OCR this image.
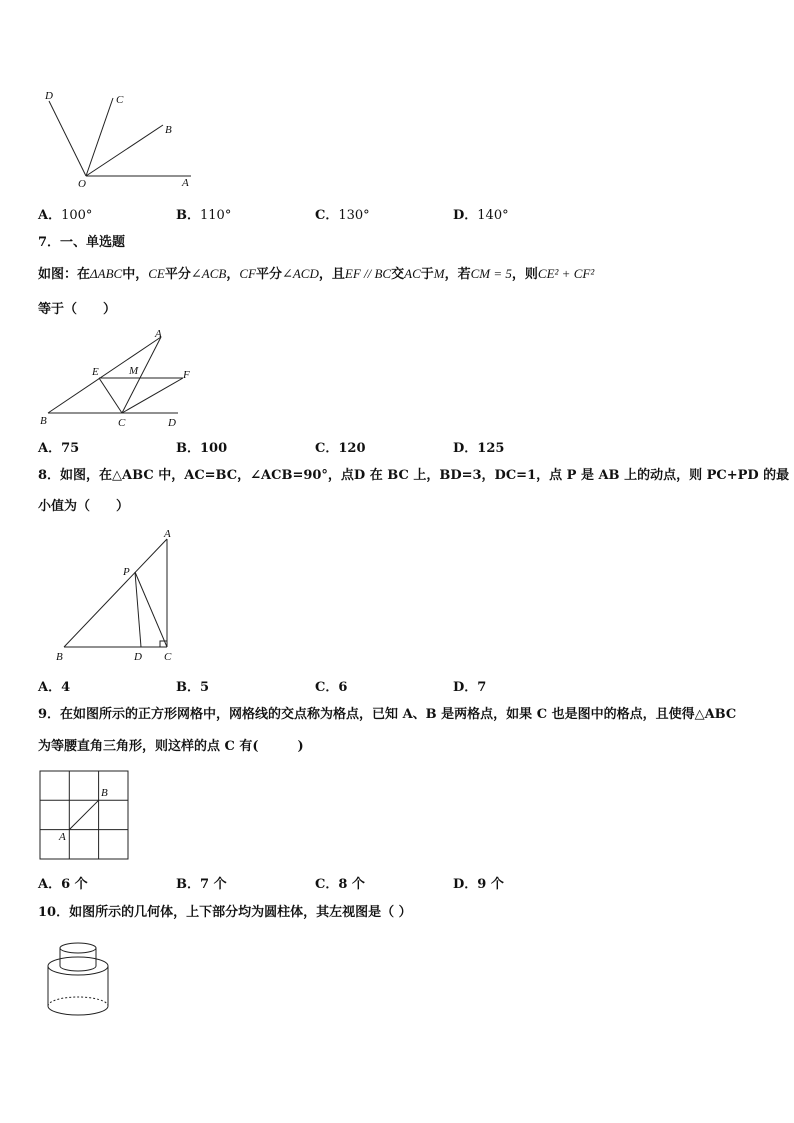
D	C
B
O	A
A．100°	B．110°	C．130°	D．140°
7．一、单选题
如图：在ΔABC中，CE平分∠ACB，CF平分∠ACD，且EF // BC交AC于M，若CM = 5，则CE² + CF²
等于（　　）
A
E	M	F
B	C	D
A．75	B．100	C．120	D．125
8．如图，在△ABC 中，AC=BC，∠ACB=90°，点D 在 BC 上，BD=3，DC=1，点 P 是 AB 上的动点，则 PC+PD 的最
小值为（　　）
A
P
B	D C
A．4	B．5	C．6	D．7
9．在如图所示的正方形网格中，网格线的交点称为格点，已知 A、B 是两格点，如果 C 也是图中的格点，且使得△ABC
为等腰直角三角形，则这样的点 C 有(　　　)
A
B
A．6 个	B．7 个	C．8 个	D．9 个
10．如图所示的几何体，上下部分均为圆柱体，其左视图是（ ）
